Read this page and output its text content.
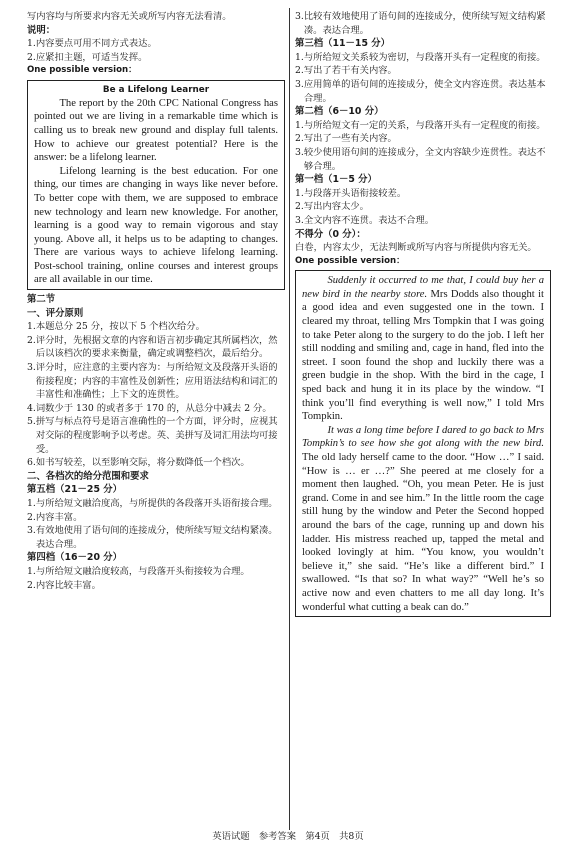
写内容均与所要求内容无关或所写内容无法看清。

说明：

1. 内容要点可用不同方式表达。
2. 应紧扣主题，可适当发挥。

One possible version：

Be a Lifelong Learner

The report by the 20th CPC National Congress has pointed out we are living in a remarkable time which is calling us to break new ground and display full talents. How to achieve our greatest potential? Here is the answer: be a lifelong learner.

Lifelong learning is the best education. For one thing, our times are changing in ways like never before. To better cope with them, we are supposed to embrace new technology and learn new knowledge. For another, learning is a good way to remain vigorous and stay young. Above all, it helps us to be adapting to changes. There are various ways to achieve lifelong learning. Post-school training, online courses and interest groups are all available in our time.

第二节

一、评分原则

1. 本题总分 25 分，按以下 5 个档次给分。
2. 评分时，先根据文章的内容和语言初步确定其所属档次，然后以该档次的要求来衡量，确定或调整档次，最后给分。
3. 评分时，应注意的主要内容为：与所给短文及段落开头语的衔接程度；内容的丰富性及创新性；应用语法结构和词汇的丰富性和准确性；上下文的连贯性。
4. 词数少于 130 的或者多于 170 的，从总分中减去 2 分。
5. 拼写与标点符号是语言准确性的一个方面，评分时，应视其对交际的程度影响予以考虑。英、美拼写及词汇用法均可接受。
6. 如书写较差，以至影响交际，将分数降低一个档次。

二、各档次的给分范围和要求

第五档（21－25 分）

1. 与所给短文融洽度高，与所提供的各段落开头语衔接合理。
2. 内容丰富。
3. 有效地使用了语句间的连接成分，使所续写短文结构紧凑。表达合理。

第四档（16－20 分）

1. 与所给短文融洽度较高，与段落开头衔接较为合理。
2. 内容比较丰富。
3. 比较有效地使用了语句间的连接成分，使所续写短文结构紧凑。表达合理。

第三档（11－15 分）

1. 与所给短文关系较为密切，与段落开头有一定程度的衔接。
2. 写出了若干有关内容。
3. 应用简单的语句间的连接成分，使全文内容连贯。表达基本合理。

第二档（6－10 分）

1. 与所给短文有一定的关系，与段落开头有一定程度的衔接。
2. 写出了一些有关内容。
3. 较少使用语句间的连接成分，全文内容缺少连贯性。表达不够合理。

第一档（1－5 分）

1. 与段落开头语衔接较差。
2. 写出内容太少。
3. 全文内容不连贯。表达不合理。

不得分（0 分）：

白卷，内容太少，无法判断或所写内容与所提供内容无关。

One possible version：

Suddenly it occurred to me that, I could buy her a new bird in the nearby store. Mrs Dodds also thought it a good idea and even suggested one in the town. I cleared my throat, telling Mrs Tompkin that I was going to take Peter along to the surgery to do the job. I left her still nodding and smiling and, cage in hand, fled into the street. I soon found the shop and luckily there was a green budgie in the shop. With the bird in the cage, I sped back and hung it in its place by the window. “I think you’ll find everything is well now,” I told Mrs Tompkin.

It was a long time before I dared to go back to Mrs Tompkin’s to see how she got along with the new bird. The old lady herself came to the door. “How …” I said. “How is … er …?” She peered at me closely for a moment then laughed. “Oh, you mean Peter. He is just grand. Come in and see him.” In the little room the cage still hung by the window and Peter the Second hopped around the bars of the cage, running up and down his ladder. His mistress reached up, tapped the metal and looked lovingly at him. “You know, you wouldn’t believe it,” she said. “He’s like a different bird.” I swallowed. “Is that so? In what way?” “Well he’s so active now and even chatters to me all day long. It’s wonderful what cutting a beak can do.”

英语试题　参考答案　第4页　共8页
